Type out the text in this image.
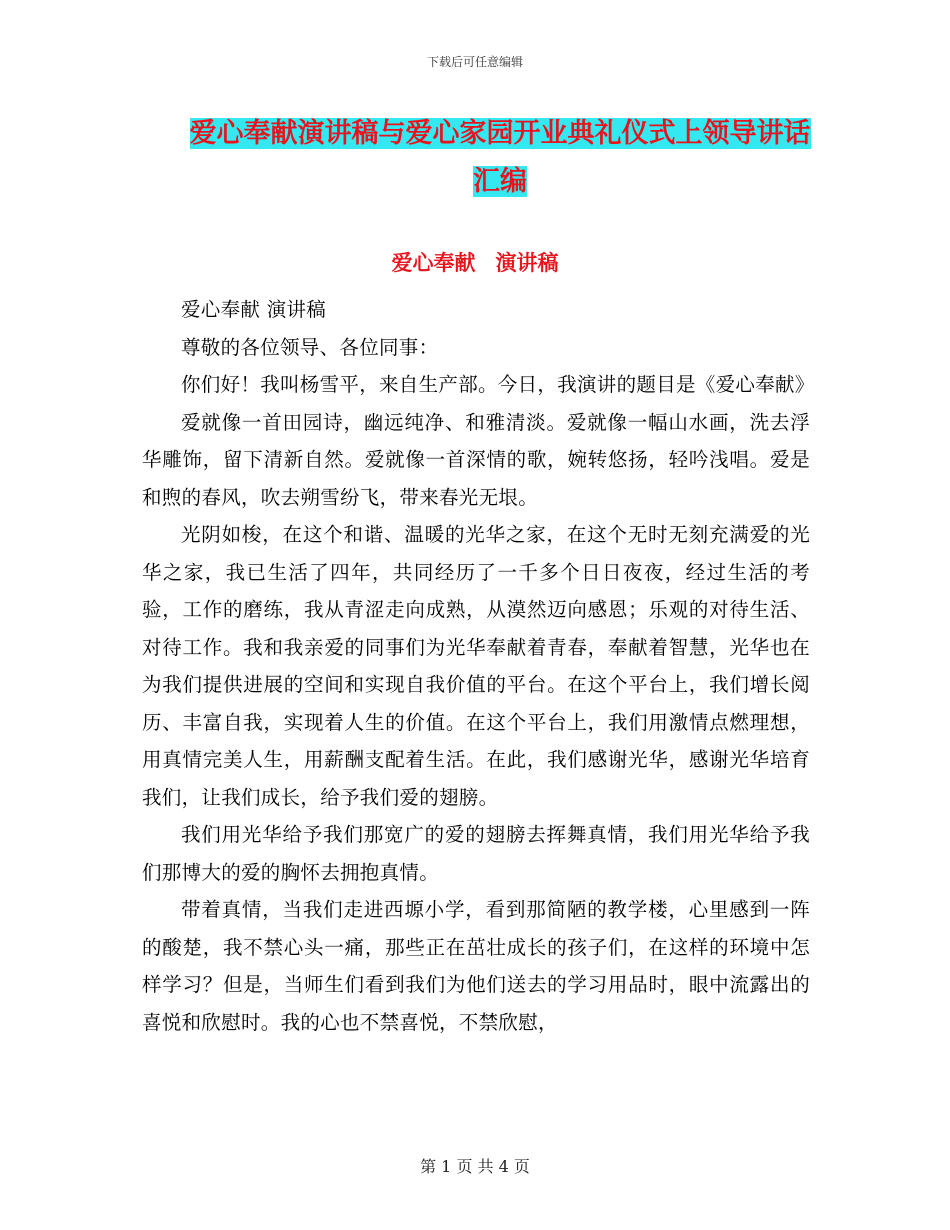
下载后可任意编辑
爱心奉献演讲稿与爱心家园开业典礼仪式上领导讲话
汇编
爱心奉献 演讲稿

爱心奉献 演讲稿

尊敬的各位领导、各位同事：

你们好！我叫杨雪平，来自生产部。今日，我演讲的题目是《爱心奉献》

爱就像一首田园诗，幽远纯净、和雅清淡。爱就像一幅山水画，洗去浮华雕饰，留下清新自然。爱就像一首深情的歌，婉转悠扬，轻吟浅唱。爱是和煦的春风，吹去朔雪纷飞，带来春光无垠。

光阴如梭，在这个和谐、温暖的光华之家，在这个无时无刻充满爱的光华之家，我已生活了四年，共同经历了一千多个日日夜夜，经过生活的考验，工作的磨练，我从青涩走向成熟，从漠然迈向感恩；乐观的对待生活、对待工作。我和我亲爱的同事们为光华奉献着青春，奉献着智慧，光华也在为我们提供进展的空间和实现自我价值的平台。在这个平台上，我们增长阅历、丰富自我，实现着人生的价值。在这个平台上，我们用激情点燃理想，用真情完美人生，用薪酬支配着生活。在此，我们感谢光华，感谢光华培育我们，让我们成长，给予我们爱的翅膀。

我们用光华给予我们那宽广的爱的翅膀去挥舞真情，我们用光华给予我们那博大的爱的胸怀去拥抱真情。

带着真情，当我们走进西塬小学，看到那简陋的教学楼，心里感到一阵的酸楚，我不禁心头一痛，那些正在茁壮成长的孩子们，在这样的环境中怎样学习？但是，当师生们看到我们为他们送去的学习用品时，眼中流露出的喜悦和欣慰时。我的心也不禁喜悦，不禁欣慰，

第 1 页 共 4 页
